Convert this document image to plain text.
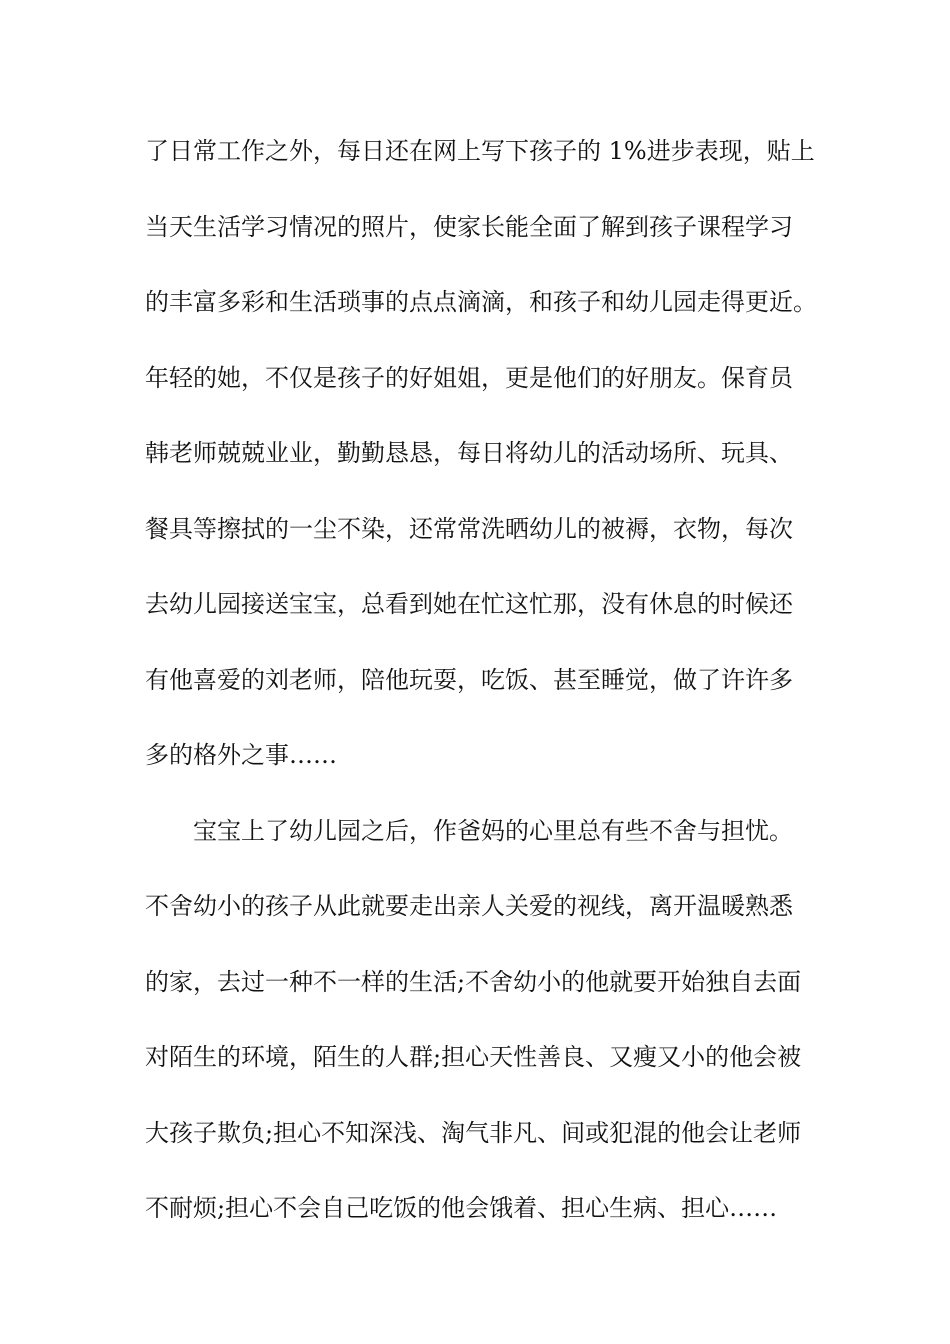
了日常工作之外，每日还在网上写下孩子的 1%进步表现，贴上
当天生活学习情况的照片，使家长能全面了解到孩子课程学习
的丰富多彩和生活琐事的点点滴滴，和孩子和幼儿园走得更近。
年轻的她，不仅是孩子的好姐姐，更是他们的好朋友。保育员
韩老师兢兢业业，勤勤恳恳，每日将幼儿的活动场所、玩具、
餐具等擦拭的一尘不染，还常常洗晒幼儿的被褥，衣物，每次
去幼儿园接送宝宝，总看到她在忙这忙那，没有休息的时候还
有他喜爱的刘老师，陪他玩耍，吃饭、甚至睡觉，做了许许多
多的格外之事……
宝宝上了幼儿园之后，作爸妈的心里总有些不舍与担忧。
不舍幼小的孩子从此就要走出亲人关爱的视线，离开温暖熟悉
的家，去过一种不一样的生活;不舍幼小的他就要开始独自去面
对陌生的环境，陌生的人群;担心天性善良、又瘦又小的他会被
大孩子欺负;担心不知深浅、淘气非凡、间或犯混的他会让老师
不耐烦;担心不会自己吃饭的他会饿着、担心生病、担心……
